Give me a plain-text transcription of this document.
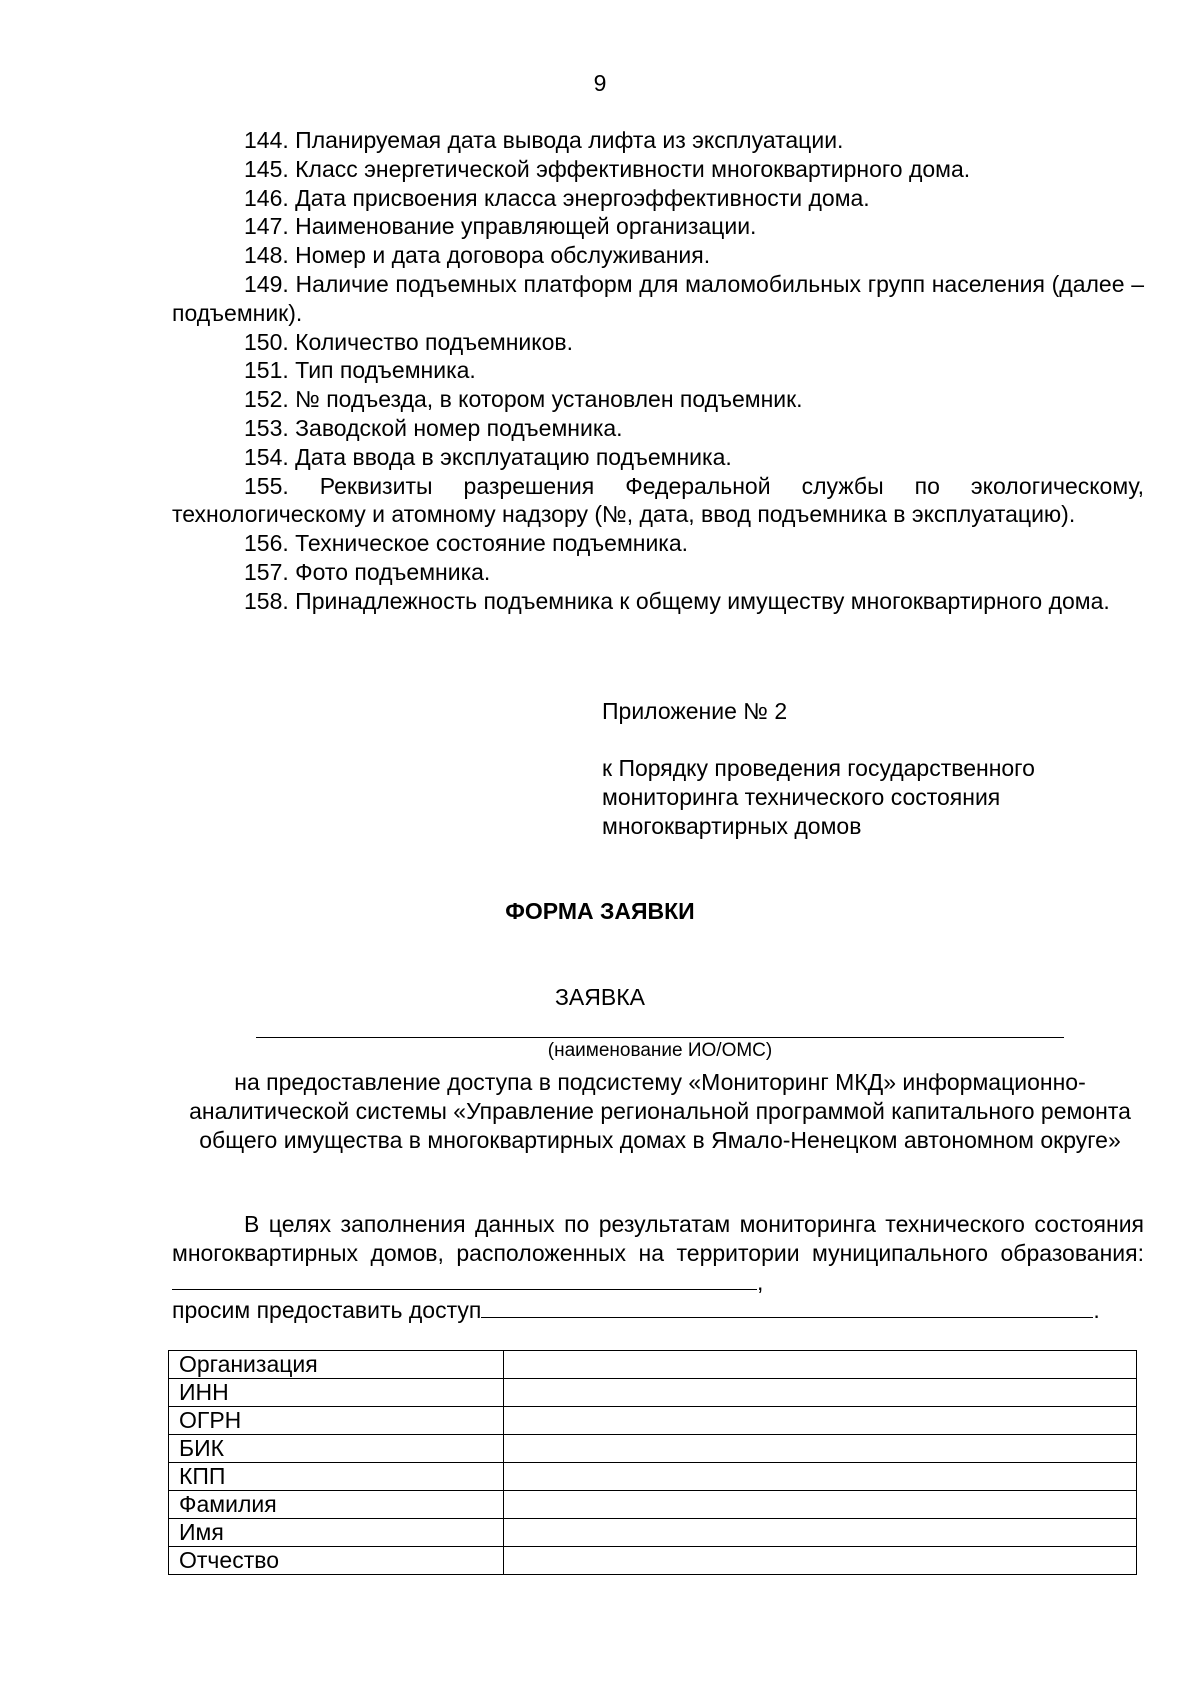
9
144. Планируемая дата вывода лифта из эксплуатации.
145. Класс энергетической эффективности многоквартирного дома.
146. Дата присвоения класса энергоэффективности дома.
147. Наименование управляющей организации.
148. Номер и дата договора обслуживания.
149. Наличие подъемных платформ для маломобильных групп населения (далее – подъемник).
150. Количество подъемников.
151. Тип подъемника.
152. № подъезда, в котором установлен подъемник.
153. Заводской номер подъемника.
154. Дата ввода в эксплуатацию подъемника.
155. Реквизиты разрешения Федеральной службы по экологическому, технологическому и атомному надзору (№, дата, ввод подъемника в эксплуатацию).
156. Техническое состояние подъемника.
157. Фото подъемника.
158. Принадлежность подъемника к общему имуществу многоквартирного дома.
Приложение № 2
к Порядку проведения государственного мониторинга технического состояния многоквартирных домов
ФОРМА ЗАЯВКИ
ЗАЯВКА
(наименование ИО/ОМС)
на предоставление доступа в подсистему «Мониторинг МКД» информационно-аналитической системы «Управление региональной программой капитального ремонта общего имущества в многоквартирных домах в Ямало-Ненецком автономном округе»
В целях заполнения данных по результатам мониторинга технического состояния многоквартирных домов, расположенных на территории муниципального образования:,
просим предоставить доступ	.
Организация	
ИНН	
ОГРН	
БИК	
КПП	
Фамилия	
Имя	
Отчество	
